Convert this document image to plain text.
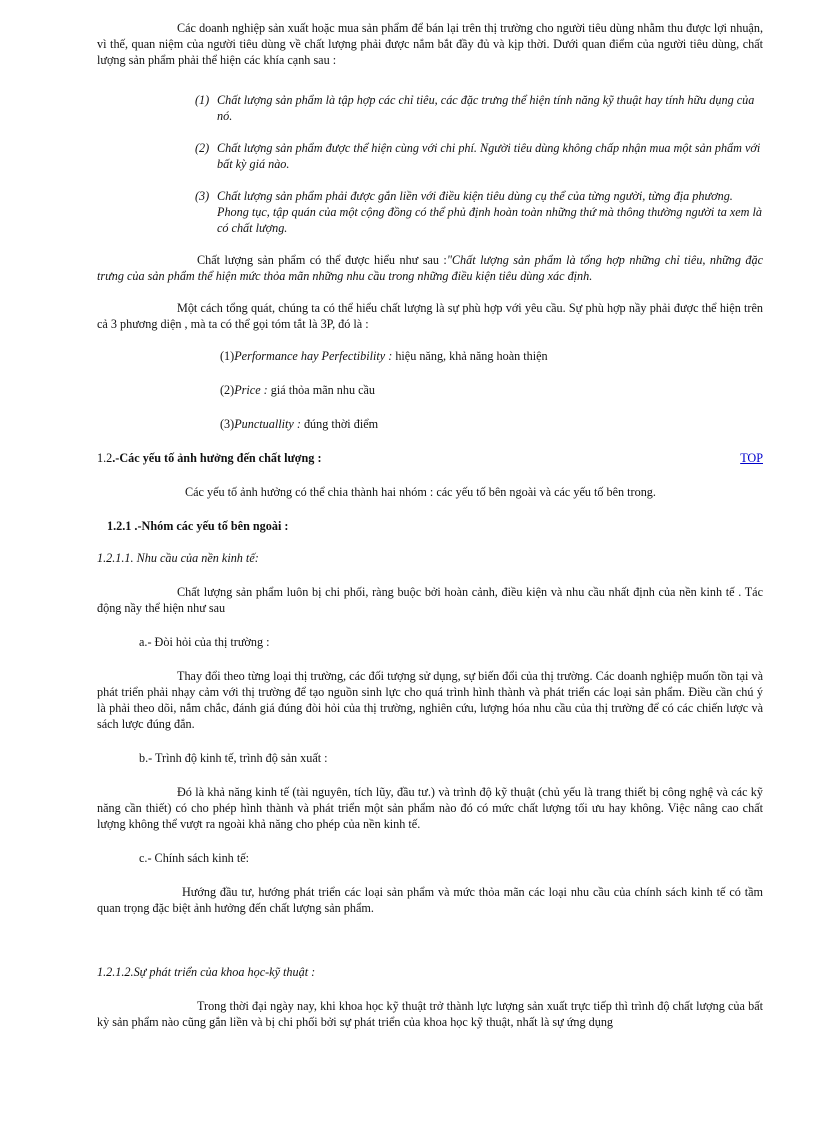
Các doanh nghiệp sản xuất hoặc mua sản phẩm để bán lại trên thị trường cho người tiêu dùng nhằm thu được lợi nhuận, vì thế, quan niệm của người tiêu dùng về chất lượng phải được nắm bắt đầy đủ và kịp thời. Dưới quan điểm của người tiêu dùng, chất lượng sản phẩm phải thể hiện các khía cạnh sau :

(1) Chất lượng sản phẩm là tập hợp các chỉ tiêu, các đặc trưng thể hiện tính năng kỹ thuật hay tính hữu dụng của nó.
(2) Chất lượng sản phẩm được thể hiện cùng với chi phí. Người tiêu dùng không chấp nhận mua một sản phẩm với bất kỳ giá nào.
(3) Chất lượng sản phẩm phải được gắn liền với điều kiện tiêu dùng cụ thể của từng người, từng địa phương. Phong tục, tập quán của một cộng đồng có thể phủ định hoàn toàn những thứ mà thông thường người ta xem là có chất lượng.

Chất lượng sản phẩm có thể được hiểu như sau :"Chất lượng sản phẩm là tổng hợp những chỉ tiêu, những đặc trưng của sản phẩm thể hiện mức thỏa mãn những nhu cầu trong những điều kiện tiêu dùng xác định.

Một cách tổng quát, chúng ta có thể hiểu chất lượng là sự phù hợp với yêu cầu. Sự phù hợp nầy phải được thể hiện trên cả 3 phương diện , mà ta có thể gọi tóm tắt là 3P, đó là :

(1)Performance hay Perfectibility : hiệu năng, khả năng hoàn thiện

(2)Price : giá thỏa mãn nhu cầu

(3)Punctuallity : đúng thời điểm

1.2.-Các yếu tố ảnh hưởng đến chất lượng :	TOP

Các yếu tố ảnh hưởng có thể chia thành hai nhóm : các yếu tố bên ngoài và các yếu tố bên trong.

1.2.1 .-Nhóm các yếu tố bên ngoài :

1.2.1.1. Nhu cầu của nền kinh tế:

Chất lượng sản phẩm luôn bị chi phối, ràng buộc bởi hoàn cảnh, điều kiện và nhu cầu nhất định của nền kinh tế . Tác động nầy thể hiện như sau

a.- Đòi hỏi của thị trường :

Thay đổi theo từng loại thị trường, các đối tượng sử dụng, sự biến đổi của thị trường. Các doanh nghiệp muốn tồn tại và phát triển phải nhạy cảm với thị trường để tạo nguồn sinh lực cho quá trình hình thành và phát triển các loại sản phẩm. Điều cần chú ý là phải theo dõi, nắm chắc, đánh giá đúng đòi hỏi của thị trường, nghiên cứu, lượng hóa nhu cầu của thị trường để có các chiến lược và sách lược đúng đắn.

b.- Trình độ kinh tế, trình độ sản xuất :

Đó là khả năng kinh tế (tài nguyên, tích lũy, đầu tư.) và trình độ kỹ thuật (chủ yếu là trang thiết bị công nghệ và các kỹ năng cần thiết) có cho phép hình thành và phát triển một sản phẩm nào đó có mức chất lượng tối ưu hay không. Việc nâng cao chất lượng không thể vượt ra ngoài khả năng cho phép của nền kinh tế.

c.- Chính sách kinh tế:

Hướng đầu tư, hướng phát triển các loại sản phẩm và mức thỏa mãn các loại nhu cầu của chính sách kinh tế có tầm quan trọng đặc biệt ảnh hưởng đến chất lượng sản phẩm.

1.2.1.2.Sự phát triển của khoa học-kỹ thuật :

Trong thời đại ngày nay, khi khoa học kỹ thuật trở thành lực lượng sản xuất trực tiếp thì trình độ chất lượng của bất kỳ sản phẩm nào cũng gắn liền và bị chi phối bởi sự phát triển của khoa học kỹ thuật, nhất là sự ứng dụng
